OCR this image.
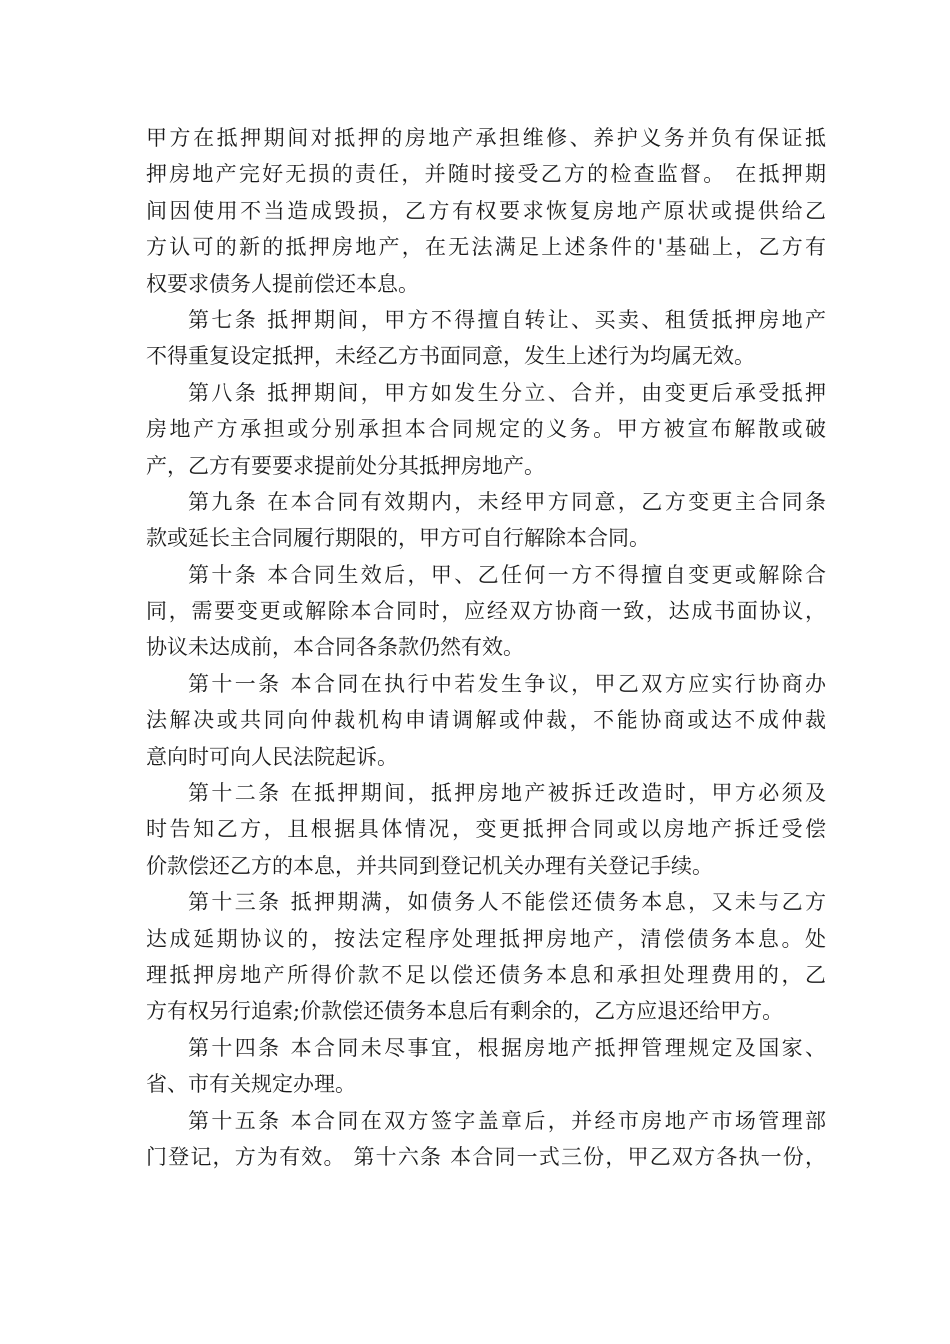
甲方在抵押期间对抵押的房地产承担维修、养护义务并负有保证抵
押房地产完好无损的责任，并随时接受乙方的检查监督。 在抵押期
间因使用不当造成毁损，乙方有权要求恢复房地产原状或提供给乙
方认可的新的抵押房地产，在无法满足上述条件的'基础上，乙方有
权要求债务人提前偿还本息。
第七条 抵押期间，甲方不得擅自转让、买卖、租赁抵押房地产
不得重复设定抵押，未经乙方书面同意，发生上述行为均属无效。
第八条 抵押期间，甲方如发生分立、合并，由变更后承受抵押
房地产方承担或分别承担本合同规定的义务。甲方被宣布解散或破
产，乙方有要要求提前处分其抵押房地产。
第九条 在本合同有效期内，未经甲方同意，乙方变更主合同条
款或延长主合同履行期限的，甲方可自行解除本合同。
第十条 本合同生效后，甲、乙任何一方不得擅自变更或解除合
同，需要变更或解除本合同时，应经双方协商一致，达成书面协议，
协议未达成前，本合同各条款仍然有效。
第十一条 本合同在执行中若发生争议，甲乙双方应实行协商办
法解决或共同向仲裁机构申请调解或仲裁，不能协商或达不成仲裁
意向时可向人民法院起诉。
第十二条 在抵押期间，抵押房地产被拆迁改造时，甲方必须及
时告知乙方，且根据具体情况，变更抵押合同或以房地产拆迁受偿
价款偿还乙方的本息，并共同到登记机关办理有关登记手续。
第十三条 抵押期满，如债务人不能偿还债务本息，又未与乙方
达成延期协议的，按法定程序处理抵押房地产，清偿债务本息。处
理抵押房地产所得价款不足以偿还债务本息和承担处理费用的，乙
方有权另行追索;价款偿还债务本息后有剩余的，乙方应退还给甲方。
第十四条 本合同未尽事宜，根据房地产抵押管理规定及国家、
省、市有关规定办理。
第十五条 本合同在双方签字盖章后，并经市房地产市场管理部
门登记，方为有效。 第十六条 本合同一式三份，甲乙双方各执一份，
